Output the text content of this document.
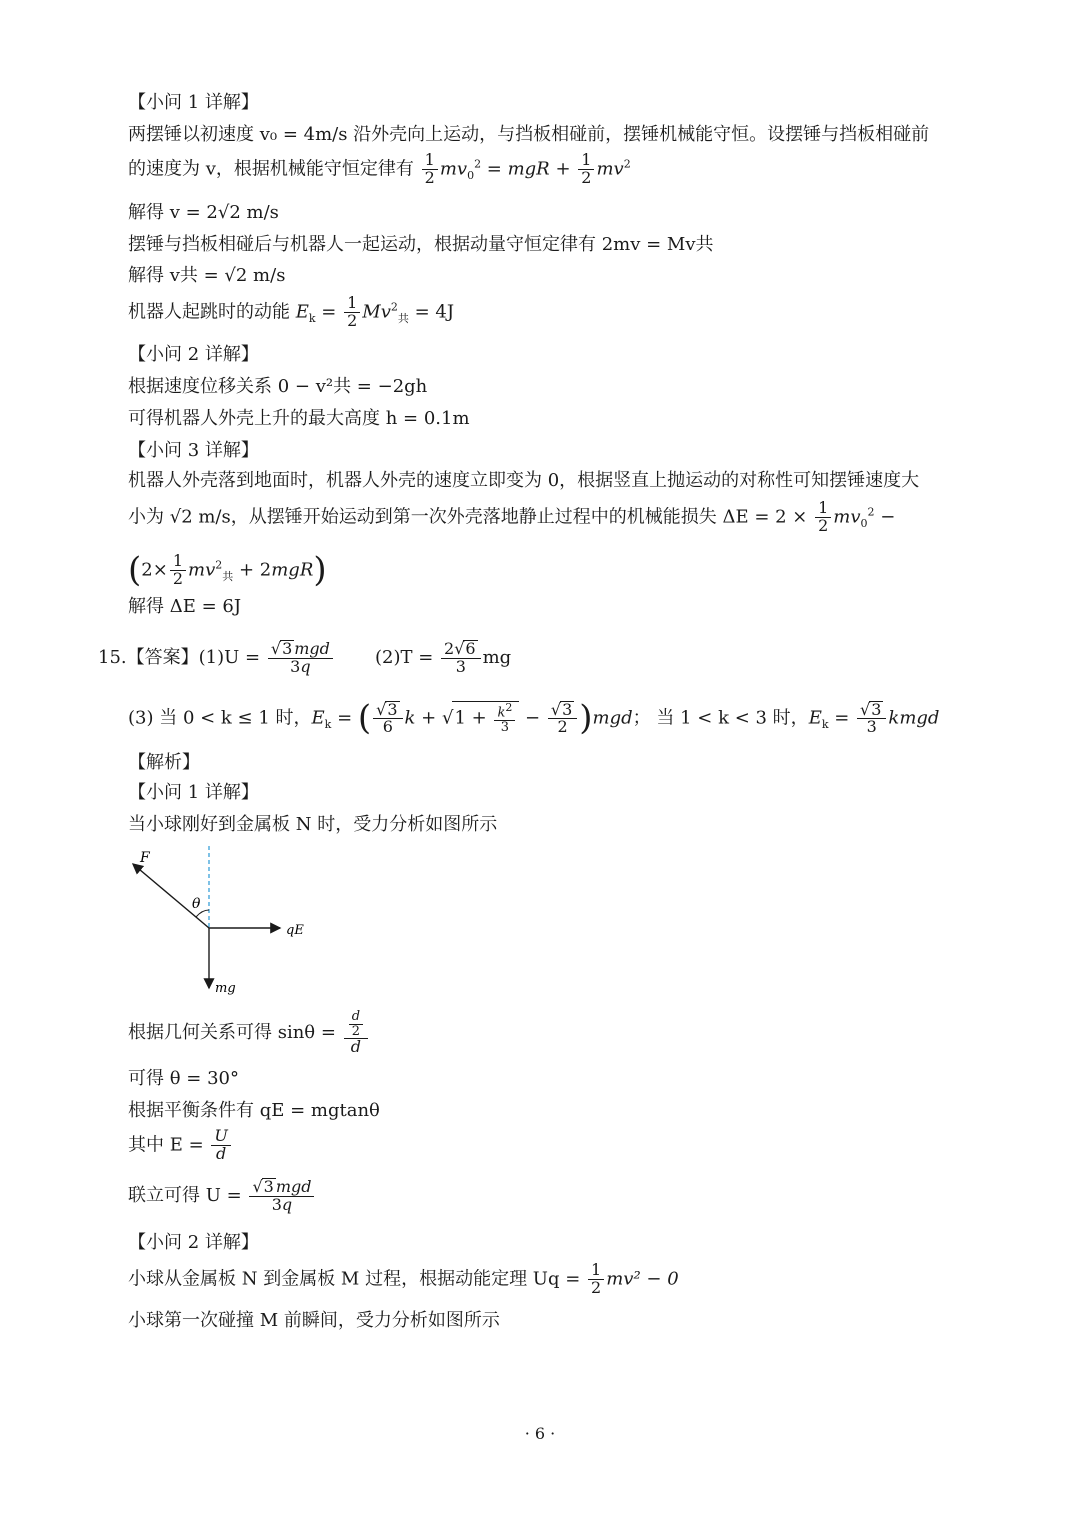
【小问 1 详解】
两摆锤以初速度 v₀ = 4m/s 沿外壳向上运动，与挡板相碰前，摆锤机械能守恒。设摆锤与挡板相碰前
的速度为 v，根据机械能守恒定律有 $\frac{1}{2} mv_0^2$ = mgR + $\frac{1}{2} mv^2$
解得 v = 2√2 m/s
摆锤与挡板相碰后与机器人一起运动，根据动量守恒定律有 2mv = Mv共
解得 v共 = √2 m/s
机器人起跳时的动能 $E_k = \frac{1}{2} Mv^2_共 = 4J$
【小问 2 详解】
根据速度位移关系 0 − v²共 = −2gh
可得机器人外壳上升的最大高度 h = 0.1m
【小问 3 详解】
机器人外壳落到地面时，机器人外壳的速度立即变为 0，根据竖直上抛运动的对称性可知摆锤速度大
小为 √2 m/s，从摆锤开始运动到第一次外壳落地静止过程中的机械能损失 $\Delta E = 2 \times \frac{1}{2} mv_0^2$ −
$(2\times \frac{1}{2} mv^2_共 + 2mgR)$
解得 ΔE = 6J
15.【答案】$(1)U = \frac{\text{√3 mgd}}{3q} (2)T = \frac{2√6}{3}$ mg
(3) 当 0 < k ≤ 1 时，$E_k$ = ( $\frac{√3}{6}$ $k + √1 + \frac{k^2}{3} - \frac{√3}{2} )mgd$； 当 1 < k < 3 时，$E_k = \frac{√3}{3}$ kmgd
【解析】
【小问 1 详解】
当小球刚好到金属板 N 时，受力分析如图所示
F
θ
qE
mg
根据几何关系可得 $\sin\theta = \frac{\frac{d}{2}}{d}$
可得 θ = 30°
根据平衡条件有 qE = mgtanθ
其中 $E = \frac{U}{d}$
联立可得 $U = \frac{\text{√3 mgd}}{3q}$
【小问 2 详解】
小球从金属板 N 到金属板 M 过程，根据动能定理 $Uq = \frac{1}{2} mv^2 - 0$
小球第一次碰撞 M 前瞬间，受力分析如图所示
· 6 ·
